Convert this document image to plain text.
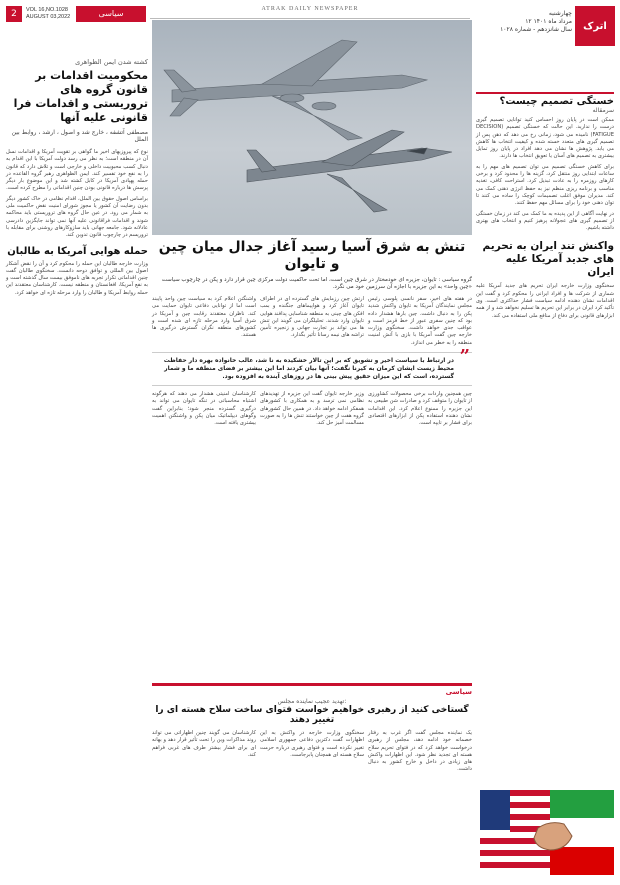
2	VOL 16,NO.1028
AUGUST 03,2022	سیاسی	ATRAK DAILY NEWSPAPER
چهارشنبه
۱۲ مرداد ماه ۱۴۰۱
سال شانزدهم - شماره ۱۰۲۸	اترک
کشته شدن ایمن الظواهری
محکومیت اقدامات بر قانون گروه های تروریستی و اقدامات فرا قانونی علیه آنها
مصطفی آتشفه ، خارج شد و اصول ، ارشد ، روابط بین الملل

نوع که پیروزیهای اخیر ما گواهی بر تقویت آمریکا و اقدامات نسل آن در منطقه است؛ به نظر می رسد دولت آمریکا با این اقدام به دنبال کسب محبوبیت داخلی و خارجی است و تلاش دارد که قانون را به نفع خود تفسیر کند. ایمن الظواهری رهبر گروه القاعده در حمله پهپادی آمریکا در کابل کشته شد و این موضوع بار دیگر پرسش ها درباره قانونی بودن چنین اقداماتی را مطرح کرده است.

براساس اصول حقوق بین الملل، اقدام نظامی در خاک کشور دیگر بدون رضایت آن کشور یا مجوز شورای امنیت نقض حاکمیت ملی به شمار می رود. در عین حال گروه های تروریستی باید محاکمه شوند و اقدامات فراقانونی علیه آنها نمی تواند جایگزین دادرسی عادلانه شود. جامعه جهانی باید سازوکارهای روشنی برای مقابله با تروریسم در چارچوب قانون تدوین کند.

حمله هوایی آمریکا به طالبان

وزارت خارجه طالبان این حمله را محکوم کرد و آن را نقض آشکار اصول بین المللی و توافق دوحه دانست. سخنگوی طالبان گفت چنین اقداماتی تکرار تجربه های ناموفق بیست سال گذشته است و به نفع آمریکا، افغانستان و منطقه نیست. کارشناسان معتقدند این حمله روابط آمریکا و طالبان را وارد مرحله تازه ای خواهد کرد.

تنش به شرق آسیا رسید آغاز جدال میان چین و تایوان
گروه سیاسی : تایوان، جزیره ای خودمختار در شرق چین است، اما تحت حاکمیت دولت مرکزی چین قرار دارد و پکن در چارچوب سیاست «چین واحد» به این جزیره با اجازه آن سرزمین خود می نگرد.

در هفته های اخیر، سفر نانسی پلوسی رئیس مجلس نمایندگان آمریکا به تایوان واکنش شدید پکن را به دنبال داشت. چین بارها هشدار داده بود که چنین سفری عبور از خط قرمز است و عواقب جدی خواهد داشت. سخنگوی وزارت خارجه چین گفت آمریکا با بازی با آتش امنیت منطقه را به خطر می اندازد.

ارتش چین رزمایش های گسترده ای در اطراف تایوان آغاز کرد و هواپیماهای جنگنده و بمب افکن های چینی به منطقه شناسایی پدافند هوایی تایوان وارد شدند. تحلیلگران می گویند این تنش ها می تواند بر تجارت جهانی و زنجیره تأمین تراشه های نیمه رسانا تأثیر بگذارد.

واشنگتن اعلام کرد به سیاست چین واحد پایبند است اما از توانایی دفاعی تایوان حمایت می کند. ناظران معتقدند رقابت چین و آمریکا در شرق آسیا وارد مرحله تازه ای شده است و کشورهای منطقه نگران گسترش درگیری ها هستند.

”
در ارتباط با سیاست اخیر و تشویق که بر این تالار خشکیده به نا شد، عالب خانواده بهره دار حفاظت محیط زیست ایشان کرمان به کیرنا نگفت؛ آنها بیان کردند اما این بیشتر بر فضای منطقه ما و شمار گسترده، است که این میزان حقیق پیش بینی ها در روزهای آینده به افزوده بود.

چین همچنین واردات برخی محصولات کشاورزی از تایوان را متوقف کرد و صادرات شن طبیعی به این جزیره را ممنوع اعلام کرد. این اقدامات نشان دهنده استفاده پکن از ابزارهای اقتصادی برای فشار بر تایپه است.

وزیر خارجه تایوان گفت این جزیره از تهدیدهای نظامی نمی ترسد و به همکاری با کشورهای همفکر ادامه خواهد داد. در همین حال کشورهای گروه هفت از چین خواستند تنش ها را به صورت مسالمت آمیز حل کند.

کارشناسان امنیتی هشدار می دهند که هرگونه اشتباه محاسباتی در تنگه تایوان می تواند به درگیری گسترده منجر شود؛ بنابراین گفت وگوهای دیپلماتیک میان پکن و واشنگتن اهمیت بیشتری یافته است.

سیاسی
تهدید عجیب نماینده مجلس:
گستاخی کنید از رهبری خواهیم خواست فتوای ساخت سلاح هسته ای را تغییر دهند

یک نماینده مجلس گفت اگر غرب به رفتار خصمانه خود ادامه دهد، مجلس از رهبری درخواست خواهد کرد که در فتوای تحریم سلاح هسته ای تجدید نظر شود. این اظهارات واکنش های زیادی در داخل و خارج کشور به دنبال داشت.

سخنگوی وزارت خارجه در واکنش به این اظهارات گفت دکترین دفاعی جمهوری اسلامی تغییر نکرده است و فتوای رهبری درباره حرمت سلاح هسته ای همچنان پابرجاست.

کارشناسان می گویند چنین اظهاراتی می تواند روند مذاکرات وین را تحت تأثیر قرار دهد و بهانه ای برای فشار بیشتر طرف های غربی فراهم کند.

خستگی تصمیم چیست؟
سرمقاله

ممکن است در پایان روز احساس کنید توانایی تصمیم گیری درست را ندارید. این حالت که خستگی تصمیم (DECISION FATIGUE) نامیده می شود، زمانی رخ می دهد که ذهن پس از تصمیم گیری های متعدد خسته شده و کیفیت انتخاب ها کاهش می یابد. پژوهش ها نشان می دهد افراد در پایان روز تمایل بیشتری به تصمیم های آسان یا تعویق انتخاب ها دارند.

برای کاهش خستگی تصمیم می توان تصمیم های مهم را به ساعات ابتدایی روز منتقل کرد، گزینه ها را محدود کرد و برخی کارهای روزمره را به عادت تبدیل کرد. استراحت کافی، تغذیه مناسب و برنامه ریزی منظم نیز به حفظ انرژی ذهنی کمک می کند. مدیران موفق اغلب تصمیمات کوچک را ساده می کنند تا توان ذهنی خود را برای مسائل مهم حفظ کنند.

در نهایت آگاهی از این پدیده به ما کمک می کند در زمان خستگی از تصمیم گیری های عجولانه پرهیز کنیم و انتخاب های بهتری داشته باشیم.

واکنش تند ایران به تحریم های جدید آمریکا علیه ایران

سخنگوی وزارت خارجه ایران تحریم های جدید آمریکا علیه شماری از شرکت ها و افراد ایرانی را محکوم کرد و گفت این اقدامات نشان دهنده ادامه سیاست فشار حداکثری است. وی تأکید کرد ایران در برابر این تحریم ها تسلیم نخواهد شد و از همه ابزارهای قانونی برای دفاع از منافع ملی استفاده می کند.
